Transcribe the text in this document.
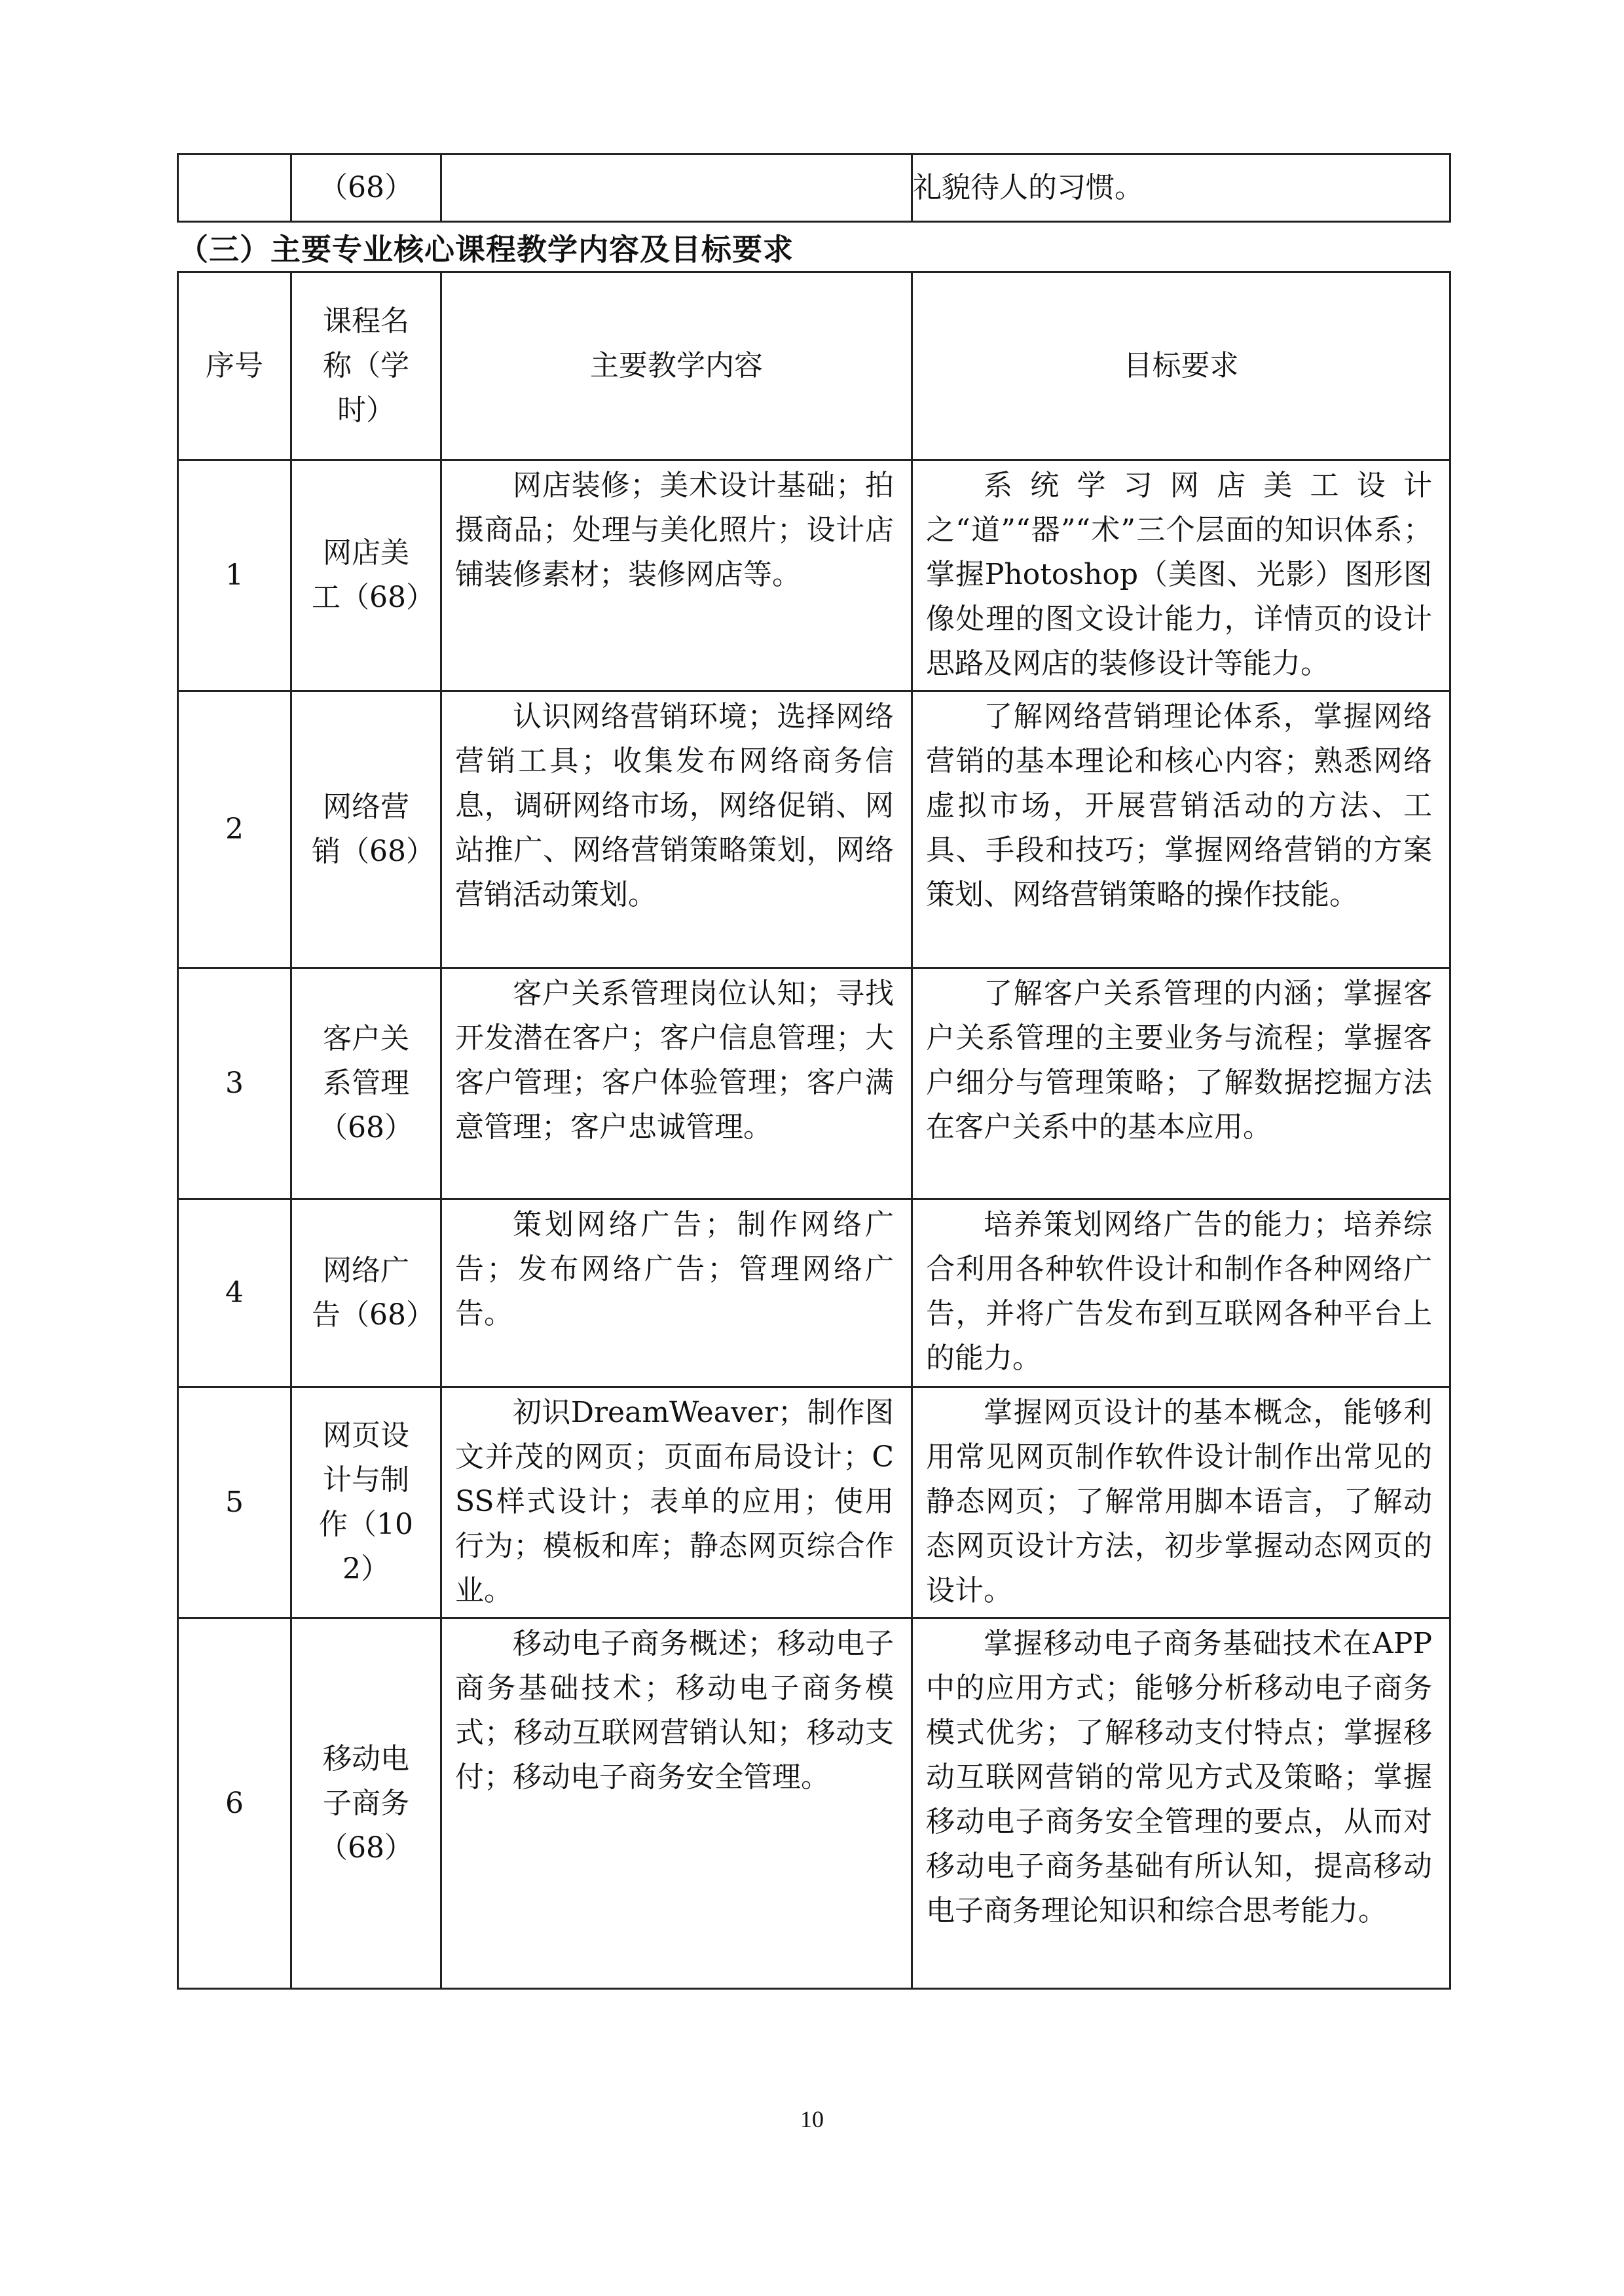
	（68）		礼貌待人的习惯。
（三）主要专业核心课程教学内容及目标要求
序号	课程名称（学时）	主要教学内容	目标要求
1	网店美工（68）	网店装修；美术设计基础；拍摄商品；处理与美化照片；设计店铺装修素材；装修网店等。	系统学习网店美工设计之“道”“器”“术”三个层面的知识体系；掌握Photoshop（美图、光影）图形图像处理的图文设计能力，详情页的设计思路及网店的装修设计等能力。

2	网络营销（68）	认识网络营销环境；选择网络营销工具；收集发布网络商务信息，调研网络市场，网络促销、网站推广、网络营销策略策划，网络营销活动策划。	了解网络营销理论体系，掌握网络营销的基本理论和核心内容；熟悉网络虚拟市场，开展营销活动的方法、工具、手段和技巧；掌握网络营销的方案策划、网络营销策略的操作技能。

3	客户关系管理（68）	客户关系管理岗位认知；寻找开发潜在客户；客户信息管理；大客户管理；客户体验管理；客户满意管理；客户忠诚管理。	了解客户关系管理的内涵；掌握客户关系管理的主要业务与流程；掌握客户细分与管理策略；了解数据挖掘方法在客户关系中的基本应用。

4	网络广告（68）	策划网络广告；制作网络广告；发布网络广告；管理网络广告。	培养策划网络广告的能力；培养综合利用各种软件设计和制作各种网络广告，并将广告发布到互联网各种平台上的能力。

5	网页设计与制作（102）	初识DreamWeaver；制作图文并茂的网页；页面布局设计；CSS样式设计；表单的应用；使用行为；模板和库；静态网页综合作业。	掌握网页设计的基本概念，能够利用常见网页制作软件设计制作出常见的静态网页；了解常用脚本语言，了解动态网页设计方法，初步掌握动态网页的设计。

6	移动电子商务（68）	移动电子商务概述；移动电子商务基础技术；移动电子商务模式；移动互联网营销认知；移动支付；移动电子商务安全管理。	掌握移动电子商务基础技术在APP中的应用方式；能够分析移动电子商务模式优劣；了解移动支付特点；掌握移动互联网营销的常见方式及策略；掌握移动电子商务安全管理的要点，从而对移动电子商务基础有所认知，提高移动电子商务理论知识和综合思考能力。
10
